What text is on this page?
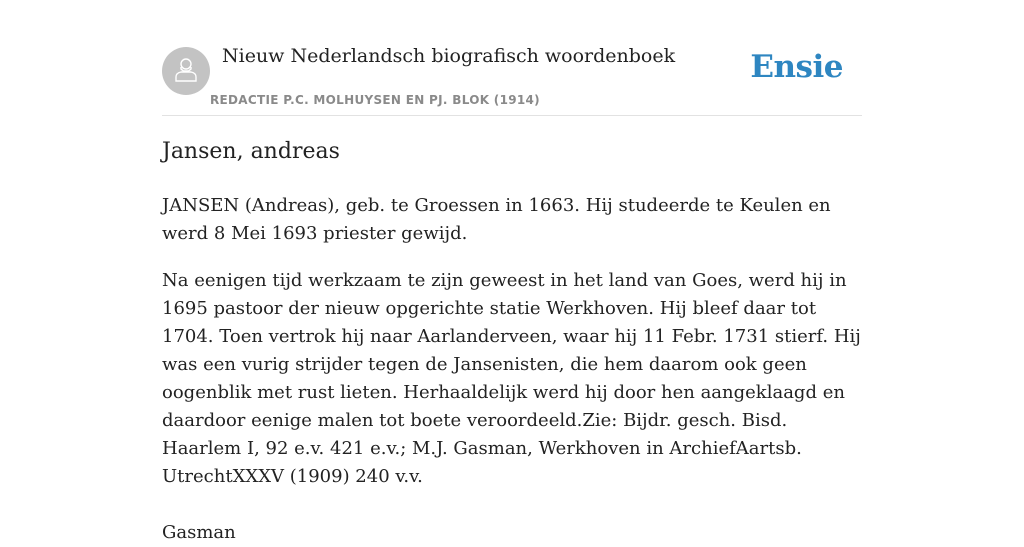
Nieuw Nederlandsch biografisch woordenboek
REDACTIE P.C. MOLHUYSEN EN PJ. BLOK (1914)
Ensie
Jansen, andreas

JANSEN (Andreas), geb. te Groessen in 1663. Hij studeerde te Keulen en werd 8 Mei 1693 priester gewijd.

Na eenigen tijd werkzaam te zijn geweest in het land van Goes, werd hij in 1695 pastoor der nieuw opgerichte statie Werkhoven. Hij bleef daar tot 1704. Toen vertrok hij naar Aarlanderveen, waar hij 11 Febr. 1731 stierf. Hij was een vurig strijder tegen de Jansenisten, die hem daarom ook geen oogenblik met rust lieten. Herhaaldelijk werd hij door hen aangeklaagd en daardoor eenige malen tot boete veroordeeld.Zie: Bijdr. gesch. Bisd. Haarlem I, 92 e.v. 421 e.v.; M.J. Gasman, Werkhoven in ArchiefAartsb. UtrechtXXXV (1909) 240 v.v.

Gasman
